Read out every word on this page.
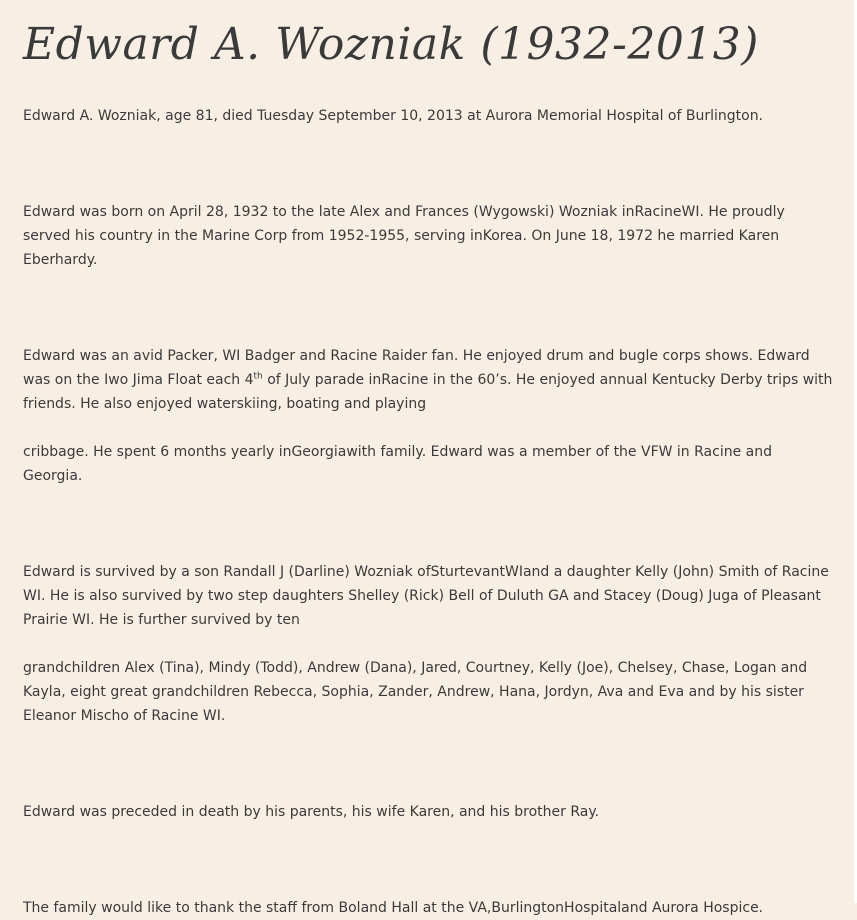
Edward A. Wozniak (1932-2013)

Edward A. Wozniak, age 81, died Tuesday September 10, 2013 at Aurora Memorial Hospital of Burlington.

Edward was born on April 28, 1932 to the late Alex and Frances (Wygowski) Wozniak inRacineWI. He proudly served his country in the Marine Corp from 1952-1955, serving inKorea. On June 18, 1972 he married Karen Eberhardy.

Edward was an avid Packer, WI Badger and Racine Raider fan. He enjoyed drum and bugle corps shows. Edward was on the Iwo Jima Float each 4th of July parade inRacine in the 60’s. He enjoyed annual Kentucky Derby trips with friends. He also enjoyed waterskiing, boating and playing

cribbage. He spent 6 months yearly inGeorgiawith family. Edward was a member of the VFW in Racine and Georgia.

Edward is survived by a son Randall J (Darline) Wozniak ofSturtevantWIand a daughter Kelly (John) Smith of Racine WI. He is also survived by two step daughters Shelley (Rick) Bell of Duluth GA and Stacey (Doug) Juga of Pleasant Prairie WI. He is further survived by ten

grandchildren Alex (Tina), Mindy (Todd), Andrew (Dana), Jared, Courtney, Kelly (Joe), Chelsey, Chase, Logan and Kayla, eight great grandchildren Rebecca, Sophia, Zander, Andrew, Hana, Jordyn, Ava and Eva and by his sister Eleanor Mischo of Racine WI.

Edward was preceded in death by his parents, his wife Karen, and his brother Ray.

The family would like to thank the staff from Boland Hall at the VA,BurlingtonHospitaland Aurora Hospice.
